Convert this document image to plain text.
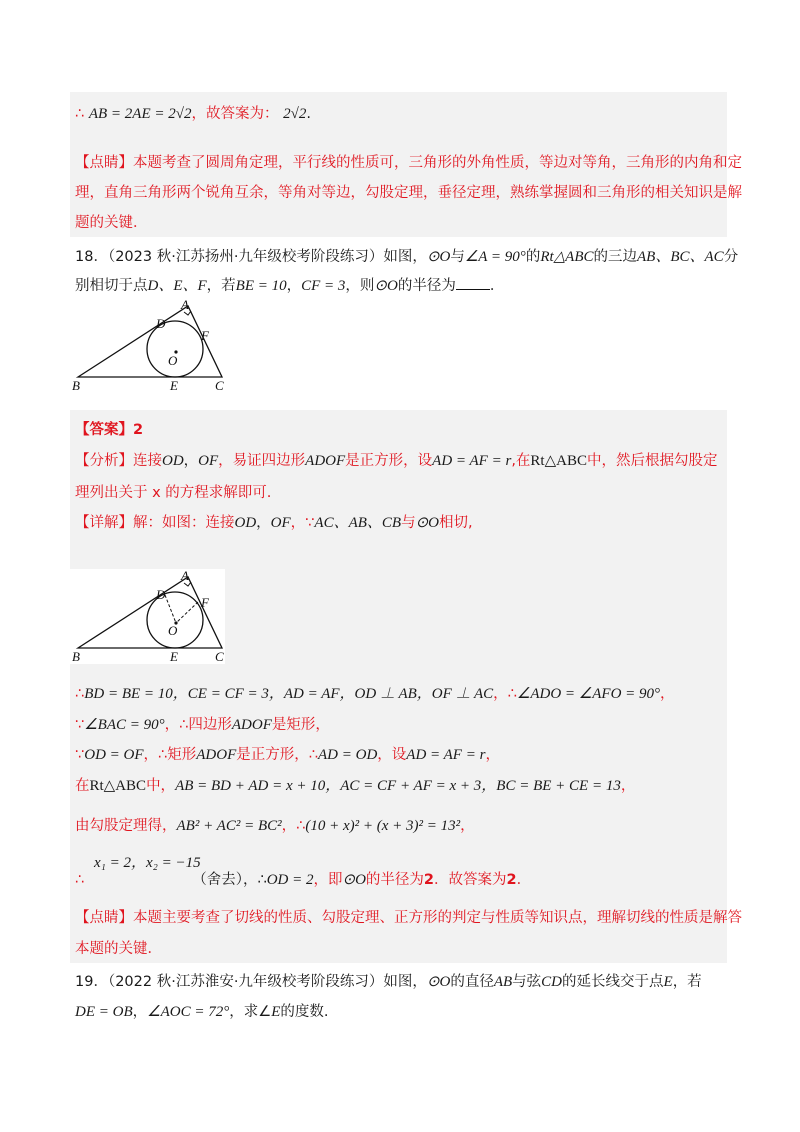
∴ AB = 2AE = 2√2，故答案为： 2√2.
【点睛】本题考查了圆周角定理，平行线的性质可，三角形的外角性质，等边对等角，三角形的内角和定
理，直角三角形两个锐角互余，等角对等边，勾股定理，垂径定理，熟练掌握圆和三角形的相关知识是解
题的关键．
18．（2023 秋·江苏扬州·九年级校考阶段练习）如图，⊙O与∠A = 90°的Rt△ABC的三边AB、BC、AC分
别相切于点D、E、F，若BE = 10，CF = 3，则⊙O的半径为 ．
A
D
F
O
B	E	C
【答案】2
【分析】连接OD，OF，易证四边形ADOF是正方形，设AD = AF = r,在Rt△ABC中，然后根据勾股定
理列出关于 x 的方程求解即可.
【详解】解：如图：连接OD，OF，∵AC、AB、CB与⊙O相切,
A
D
F
O
B	E	C
∴BD = BE = 10，CE = CF = 3，AD = AF，OD ⊥ AB，OF ⊥ AC，∴∠ADO = ∠AFO = 90°，
∵∠BAC = 90°，∴四边形ADOF是矩形，
∵OD = OF，∴矩形ADOF是正方形，∴AD = OD，设AD = AF = r，
在Rt△ABC中，AB = BD + AD = x + 10，AC = CF + AF = x + 3，BC = BE + CE = 13，
由勾股定理得，AB² + AC² = BC²，∴(10 + x)² + (x + 3)² = 13²，
x₁ = 2，x₂ = −15
∴	（舍去），∴OD = 2，即⊙O的半径为2．故答案为2．
【点睛】本题主要考查了切线的性质、勾股定理、正方形的判定与性质等知识点，理解切线的性质是解答
本题的关键．
19．（2022 秋·江苏淮安·九年级校考阶段练习）如图，⊙O的直径AB与弦CD的延长线交于点E，若
DE = OB，∠AOC = 72°，求∠E的度数.
